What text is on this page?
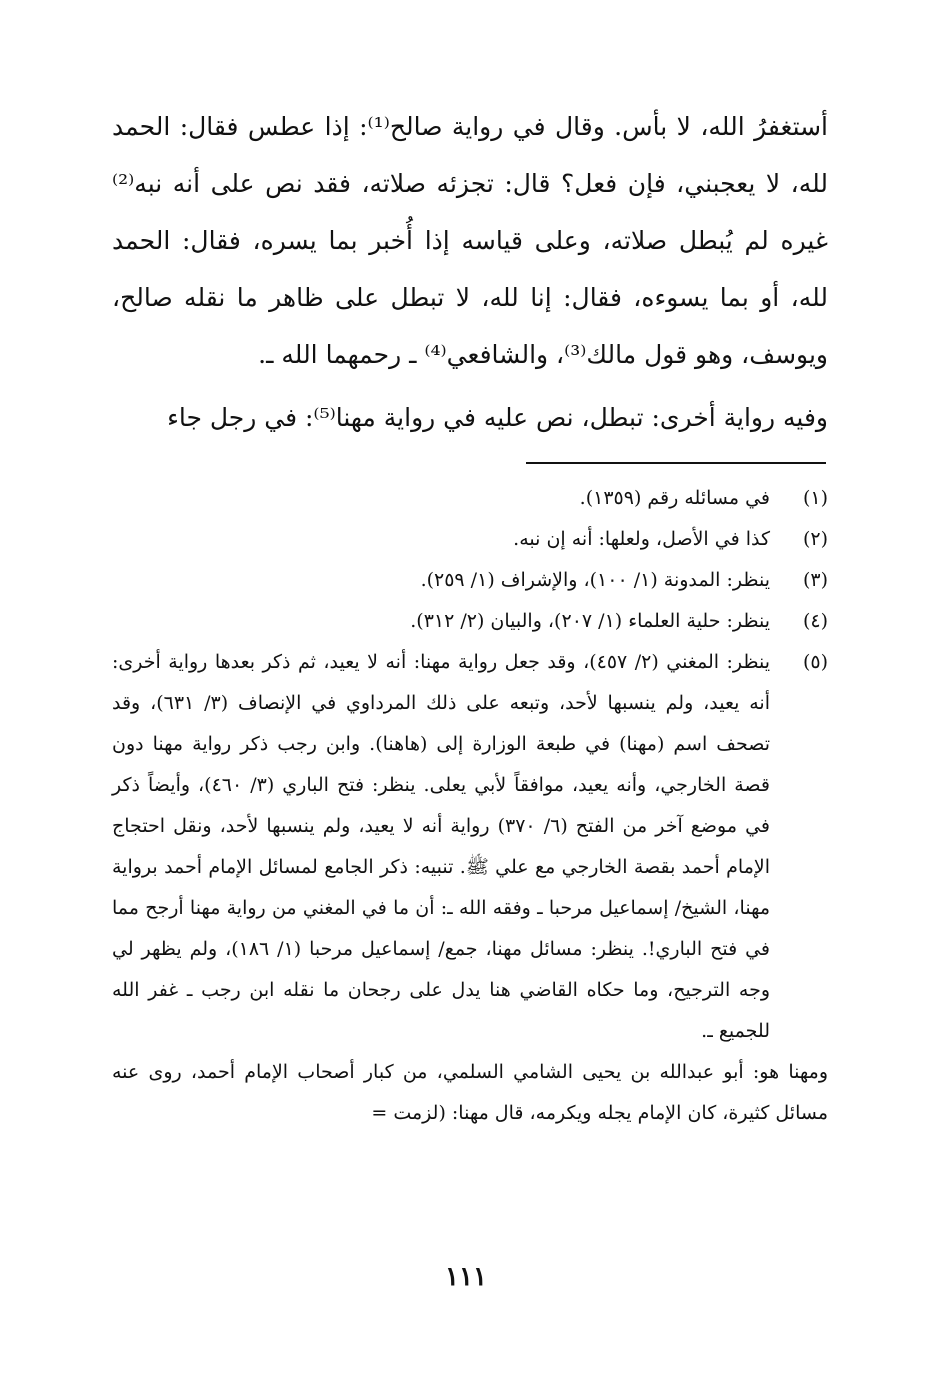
أستغفرُ الله، لا بأس. وقال في رواية صالح⁽¹⁾: إذا عطس فقال: الحمد لله، لا يعجبني، فإن فعل؟ قال: تجزئه صلاته، فقد نص على أنه نبه⁽²⁾ غيره لم يُبطل صلاته، وعلى قياسه إذا أُخبر بما يسره، فقال: الحمد لله، أو بما يسوءه، فقال: إنا لله، لا تبطل على ظاهر ما نقله صالح، ويوسف، وهو قول مالك⁽³⁾، والشافعي⁽⁴⁾ ـ رحمهما الله ـ.

وفيه رواية أخرى: تبطل، نص عليه في رواية مهنا⁽⁵⁾: في رجل جاء

(١)
في مسائله رقم (١٣٥٩).
(٢)
كذا في الأصل، ولعلها: أنه إن نبه.
(٣)
ينظر: المدونة (١/ ١٠٠)، والإشراف (١/ ٢٥٩).
(٤)
ينظر: حلية العلماء (١/ ٢٠٧)، والبيان (٢/ ٣١٢).
(٥)
ينظر: المغني (٢/ ٤٥٧)، وقد جعل رواية مهنا: أنه لا يعيد، ثم ذكر بعدها رواية أخرى: أنه يعيد، ولم ينسبها لأحد، وتبعه على ذلك المرداوي في الإنصاف (٣/ ٦٣١)، وقد تصحف اسم (مهنا) في طبعة الوزارة إلى (هاهنا). وابن رجب ذكر رواية مهنا دون قصة الخارجي، وأنه يعيد، موافقاً لأبي يعلى. ينظر: فتح الباري (٣/ ٤٦٠)، وأيضاً ذكر في موضع آخر من الفتح (٦/ ٣٧٠) رواية أنه لا يعيد، ولم ينسبها لأحد، ونقل احتجاج الإمام أحمد بقصة الخارجي مع علي ﷺ. تنبيه: ذكر الجامع لمسائل الإمام أحمد برواية مهنا، الشيخ/ إسماعيل مرحبا ـ وفقه الله ـ: أن ما في المغني من رواية مهنا أرجح مما في فتح الباري!. ينظر: مسائل مهنا، جمع/ إسماعيل مرحبا (١/ ١٨٦)، ولم يظهر لي وجه الترجيح، وما حكاه القاضي هنا يدل على رجحان ما نقله ابن رجب ـ غفر الله للجميع ـ.
ومهنا هو: أبو عبدالله بن يحيى الشامي السلمي، من كبار أصحاب الإمام أحمد، روى عنه مسائل كثيرة، كان الإمام يجله ويكرمه، قال مهنا: (لزمت =
١١١
